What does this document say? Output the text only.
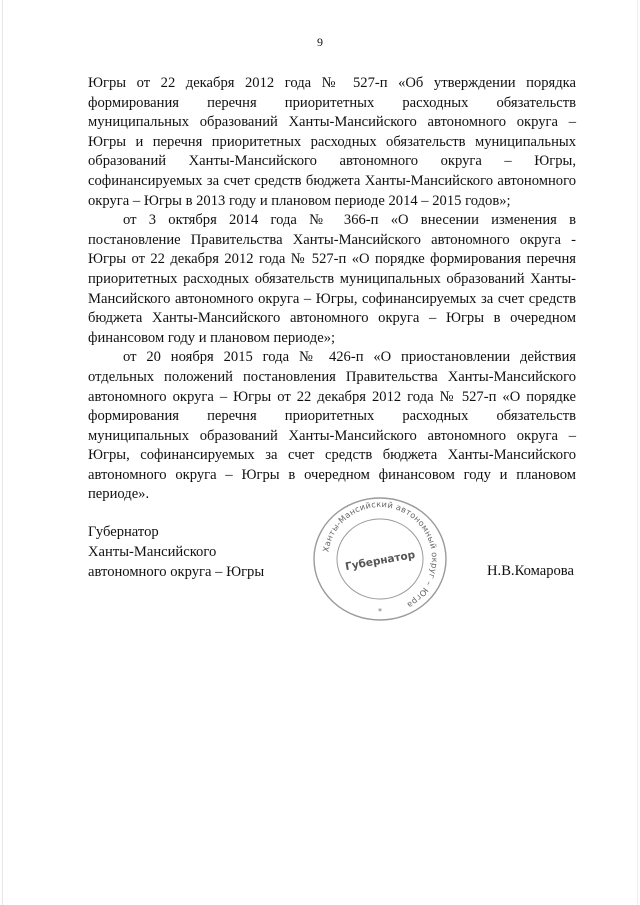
9

Югры от 22 декабря 2012 года № 527-п «Об утверждении порядка формирования перечня приоритетных расходных обязательств муниципальных образований Ханты-Мансийского автономного округа – Югры и перечня приоритетных расходных обязательств муниципальных образований Ханты-Мансийского автономного округа – Югры, софинансируемых за счет средств бюджета Ханты-Мансийского автономного округа – Югры в 2013 году и плановом периоде 2014 – 2015 годов»;

от 3 октября 2014 года № 366-п «О внесении изменения в постановление Правительства Ханты-Мансийского автономного округа - Югры от 22 декабря 2012 года № 527-п «О порядке формирования перечня приоритетных расходных обязательств муниципальных образований Ханты-Мансийского автономного округа – Югры, софинансируемых за счет средств бюджета Ханты-Мансийского автономного округа – Югры в очередном финансовом году и плановом периоде»;

от 20 ноября 2015 года № 426-п «О приостановлении действия отдельных положений постановления Правительства Ханты-Мансийского автономного округа – Югры от 22 декабря 2012 года № 527-п «О порядке формирования перечня приоритетных расходных обязательств муниципальных образований Ханты-Мансийского автономного округа – Югры, софинансируемых за счет средств бюджета Ханты-Мансийского автономного округа – Югры в очередном финансовом году и плановом периоде».

Губернатор
Ханты-Мансийского
автономного округа – Югры
Ханты-Мансийский автономный округ – Югра
Губернатор
*
Н.В.Комарова
